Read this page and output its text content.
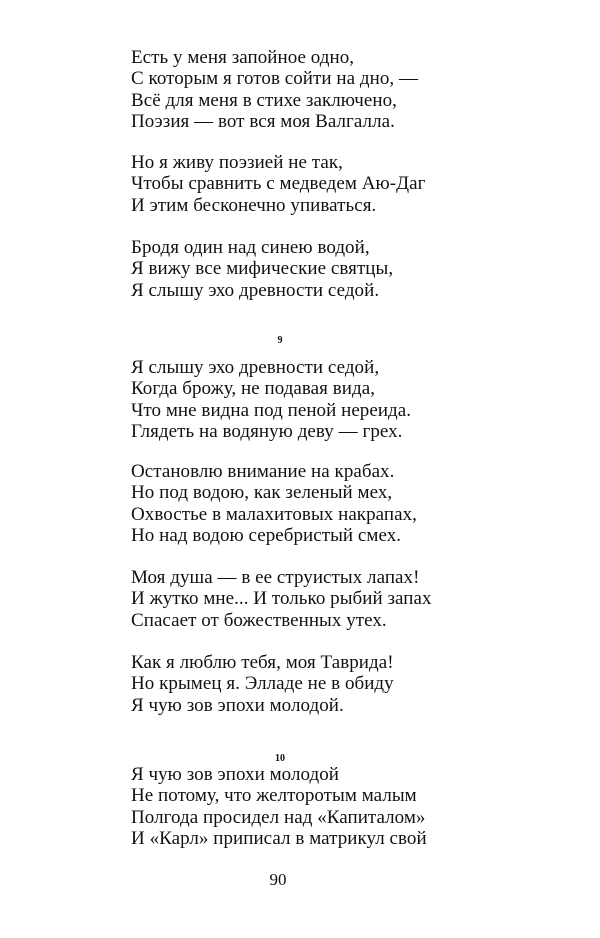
Есть у меня запойное одно,
С которым я готов сойти на дно, —
Всё для меня в стихе заключено,
Поэзия — вот вся моя Валгалла.
Но я живу поэзией не так,
Чтобы сравнить с медведем Аю-Даг
И этим бесконечно упиваться.
Бродя один над синею водой,
Я вижу все мифические святцы,
Я слышу эхо древности седой.
9
Я слышу эхо древности седой,
Когда брожу, не подавая вида,
Что мне видна под пеной нереида.
Глядеть на водяную деву — грех.
Остановлю внимание на крабах.
Но под водою, как зеленый мех,
Охвостье в малахитовых накрапах,
Но над водою серебристый смех.
Моя душа — в ее струистых лапах!
И жутко мне... И только рыбий запах
Спасает от божественных утех.
Как я люблю тебя, моя Таврида!
Но крымец я. Элладе не в обиду
Я чую зов эпохи молодой.
10
Я чую зов эпохи молодой
Не потому, что желторотым малым
Полгода просидел над «Капиталом»
И «Карл» приписал в матрикул свой
90
